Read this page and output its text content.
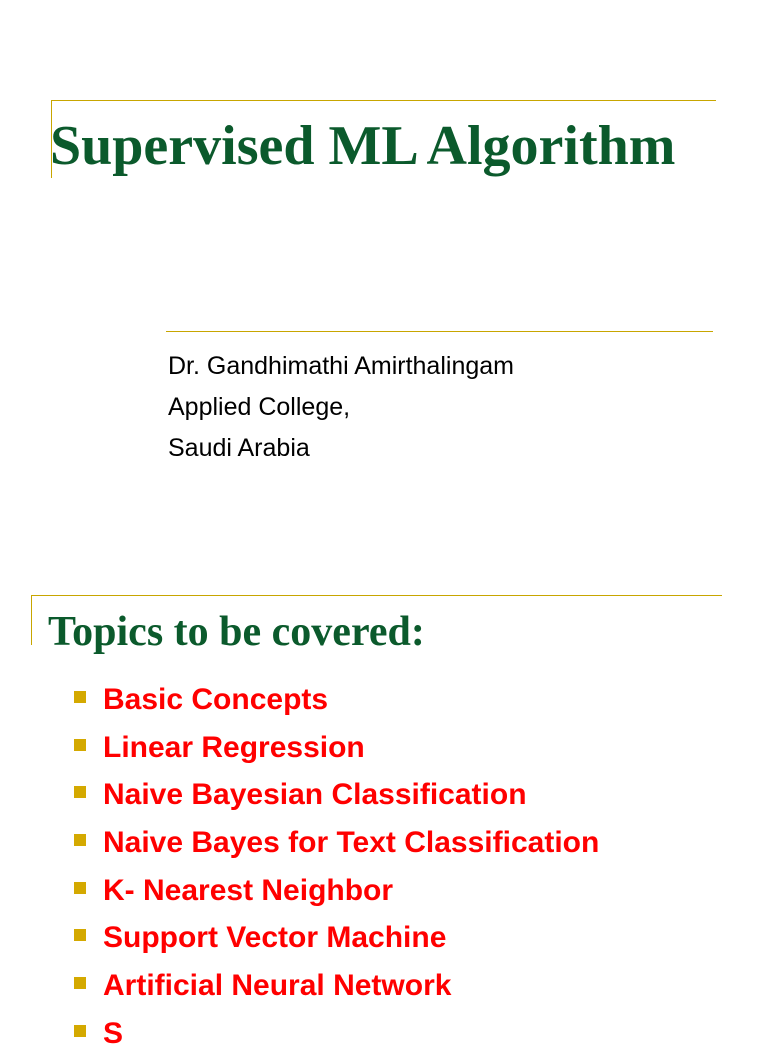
Supervised ML Algorithm
Dr. Gandhimathi Amirthalingam
Applied College,
Saudi Arabia
Topics to be covered:
Basic Concepts
Linear Regression
Naive Bayesian Classification
Naive Bayes for Text Classification
K- Nearest Neighbor
Support Vector Machine
Artificial Neural Network
S
